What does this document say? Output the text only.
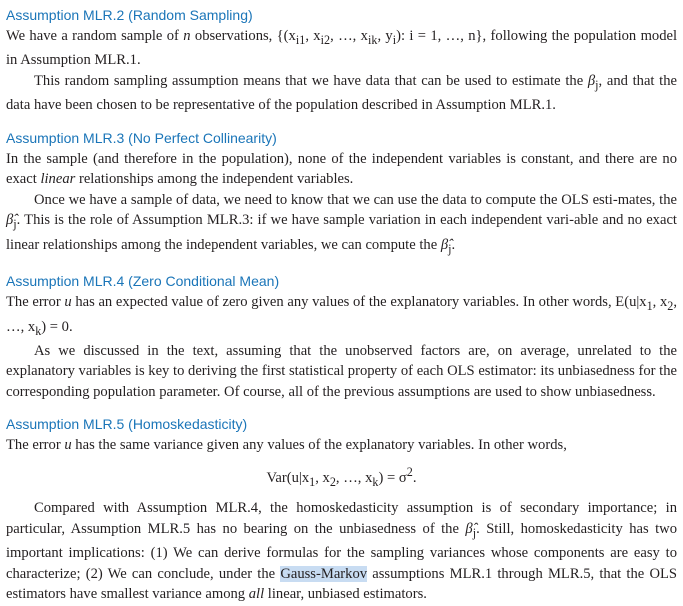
Assumption MLR.2 (Random Sampling)

We have a random sample of n observations, {($x_{i1}$, $x_{i2}$, …, $x_{ik}$, $y_i$): i = 1, …, n}, following the population model in Assumption MLR.1.

This random sampling assumption means that we have data that can be used to estimate the $\beta_j$, and that the data have been chosen to be representative of the population described in Assumption MLR.1.

Assumption MLR.3 (No Perfect Collinearity)

In the sample (and therefore in the population), none of the independent variables is constant, and there are no exact linear relationships among the independent variables.

Once we have a sample of data, we need to know that we can use the data to compute the OLS esti-mates, the $\betâ_j$. This is the role of Assumption MLR.3: if we have sample variation in each independent vari-able and no exact linear relationships among the independent variables, we can compute the $\betâ_j$.

Assumption MLR.4 (Zero Conditional Mean)

The error u has an expected value of zero given any values of the explanatory variables. In other words, $E(u|x_1$, $x_2$, …, $x_k) = 0$.

As we discussed in the text, assuming that the unobserved factors are, on average, unrelated to the explanatory variables is key to deriving the first statistical property of each OLS estimator: its unbiasedness for the corresponding population parameter. Of course, all of the previous assumptions are used to show unbiasedness.

Assumption MLR.5 (Homoskedasticity)

The error u has the same variance given any values of the explanatory variables. In other words,

$Var(u|x_1$, $x_2$, …, $x_k) = \sigma^2$.

Compared with Assumption MLR.4, the homoskedasticity assumption is of secondary importance; in particular, Assumption MLR.5 has no bearing on the unbiasedness of the $\betâ_j$. Still, homoskedasticity has two important implications: (1) We can derive formulas for the sampling variances whose components are easy to characterize; (2) We can conclude, under the Gauss-Markov assumptions MLR.1 through MLR.5, that the OLS estimators have smallest variance among all linear, unbiased estimators.
